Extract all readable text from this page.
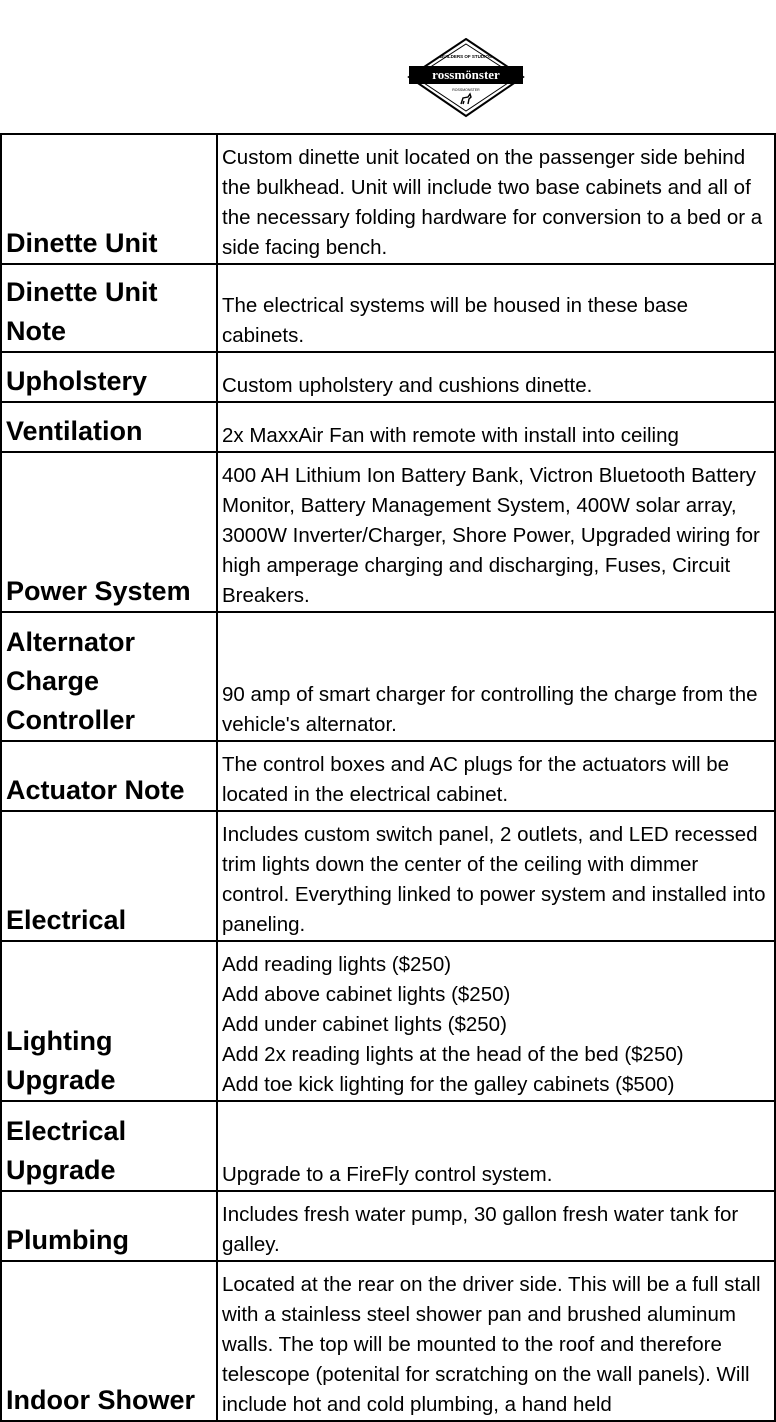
BUILDERS OF STUDIOS
rossmönster
ROSSMONSTER
Dinette Unit	Custom dinette unit located on the passenger side behind the bulkhead. Unit will include two base cabinets and all of the necessary folding hardware for conversion to a bed or a side facing bench.
Dinette Unit Note	The electrical systems will be housed in these base cabinets.
Upholstery	Custom upholstery and cushions dinette.
Ventilation	2x MaxxAir Fan with remote with install into ceiling
Power System	400 AH Lithium Ion Battery Bank, Victron Bluetooth Battery Monitor, Battery Management System, 400W solar array, 3000W Inverter/Charger, Shore Power, Upgraded wiring for high amperage charging and discharging, Fuses, Circuit Breakers.
Alternator Charge Controller	90 amp of smart charger for controlling the charge from the vehicle's alternator.
Actuator Note	The control boxes and AC plugs for the actuators will be located in the electrical cabinet.
Electrical	Includes custom switch panel, 2 outlets, and LED recessed trim lights down the center of the ceiling with dimmer control. Everything linked to power system and installed into paneling.
Lighting Upgrade	Add reading lights ($250)
Add above cabinet lights ($250)
Add under cabinet lights ($250)
Add 2x reading lights at the head of the bed ($250)
Add toe kick lighting for the galley cabinets ($500)

Electrical Upgrade	Upgrade to a FireFly control system.
Plumbing	Includes fresh water pump, 30 gallon fresh water tank for galley.
Indoor Shower	Located at the rear on the driver side. This will be a full stall with a stainless steel shower pan and brushed aluminum walls. The top will be mounted to the roof and therefore telescope (potenital for scratching on the wall panels). Will include hot and cold plumbing, a hand held
